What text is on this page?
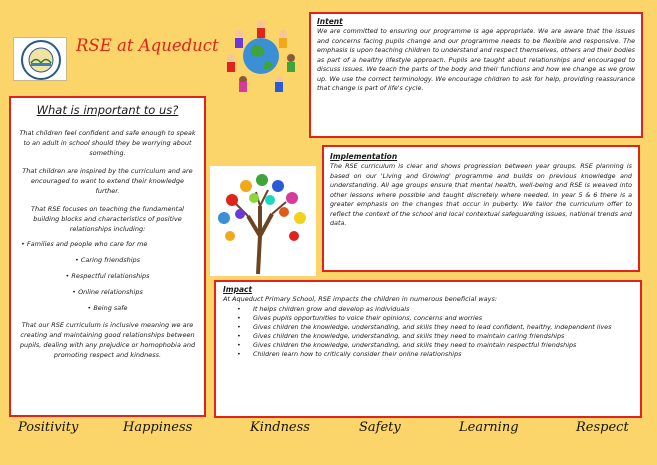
RSE at Aqueduct
What is important to us?

That children feel confident and safe enough to speak to an adult in school should they be worrying about something.

That children are inspired by the curriculum and are encouraged to want to extend their knowledge further.

That RSE focuses on teaching the fundamental building blocks and characteristics of positive relationships including:

• Families and people who care for me
• Caring friendships
• Respectful relationships
• Online relationships
• Being safe

That our RSE curriculum is inclusive meaning we are creating and maintaining good relationships between pupils, dealing with any prejudice or homophobia and promoting respect and kindness.

Intent

We are committed to ensuring our programme is age appropriate. We are aware that the issues and concerns facing pupils change and our programme needs to be flexible and responsive. The emphasis is upon teaching children to understand and respect themselves, others and their bodies as part of a healthy lifestyle approach. Pupils are taught about relationships and encouraged to discuss issues. We teach the parts of the body and their functions and how we change as we grow up. We use the correct terminology. We encourage children to ask for help, providing reassurance that change is part of life's cycle.

Implementation

The RSE curriculum is clear and shows progression between year groups. RSE planning is based on our 'Living and Growing' programme and builds on previous knowledge and understanding. All age groups ensure that mental health, well-being and RSE is weaved into other lessons where possible and taught discretely where needed. In year 5 & 6 there is a greater emphasis on the changes that occur in puberty. We tailor the curriculum offer to reflect the context of the school and local contextual safeguarding issues, national trends and data.

Impact
At Aqueduct Primary School, RSE impacts the children in numerous beneficial ways:
• It helps children grow and develop as individuals
• Gives pupils opportunities to voice their opinions, concerns and worries
• Gives children the knowledge, understanding, and skills they need to lead confident, healthy, independent lives
• Gives children the knowledge, understanding, and skills they need to maintain caring friendships
• Gives children the knowledge, understanding, and skills they need to maintain respectful friendships
• Children learn how to critically consider their online relationships
Positivity	Happiness	Kindness	Safety	Learning	Respect
